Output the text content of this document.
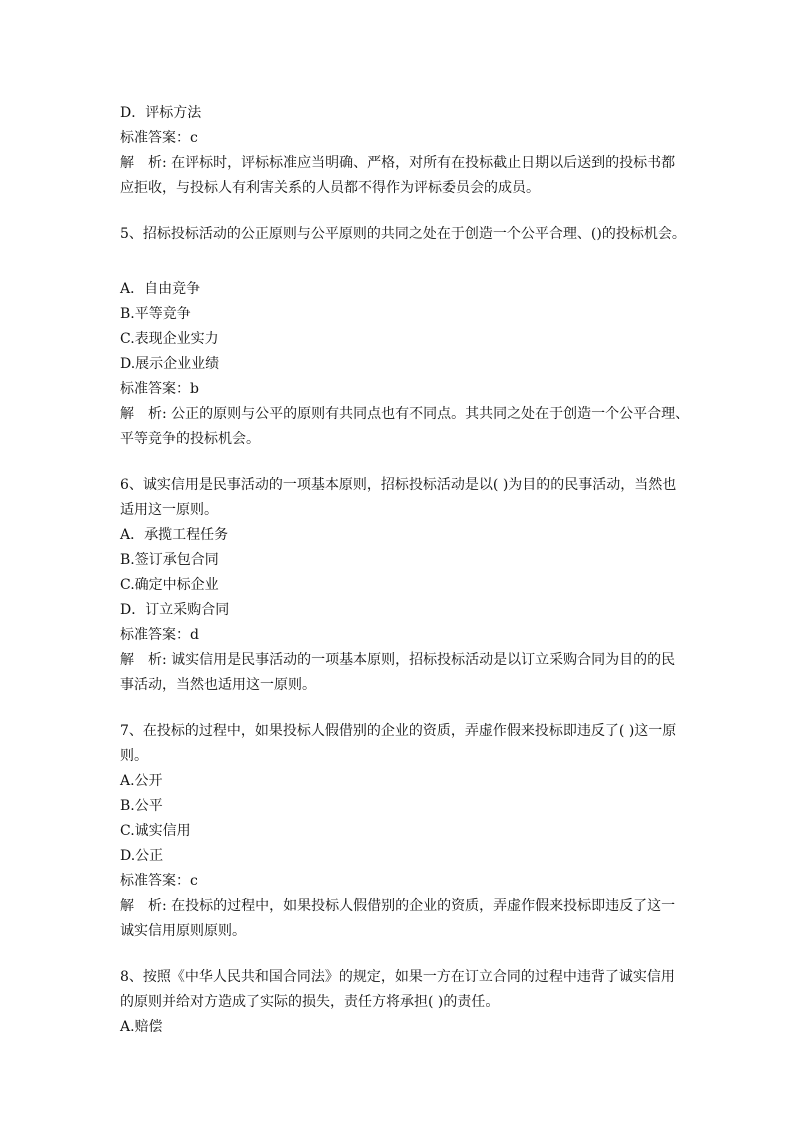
D．评标方法
标准答案：c
解　析: 在评标时，评标标准应当明确、严格，对所有在投标截止日期以后送到的投标书都
应拒收，与投标人有利害关系的人员都不得作为评标委员会的成员。
5、招标投标活动的公正原则与公平原则的共同之处在于创造一个公平合理、()的投标机会。
A．自由竞争
B.平等竞争
C.表现企业实力
D.展示企业业绩
标准答案：b
解　析: 公正的原则与公平的原则有共同点也有不同点。其共同之处在于创造一个公平合理、
平等竞争的投标机会。
6、诚实信用是民事活动的一项基本原则，招标投标活动是以( )为目的的民事活动，当然也
适用这一原则。
A．承揽工程任务
B.签订承包合同
C.确定中标企业
D．订立采购合同
标准答案：d
解　析: 诚实信用是民事活动的一项基本原则，招标投标活动是以订立采购合同为目的的民
事活动，当然也适用这一原则。
7、在投标的过程中，如果投标人假借别的企业的资质，弄虚作假来投标即违反了( )这一原
则。
A.公开
B.公平
C.诚实信用
D.公正
标准答案：c
解　析: 在投标的过程中，如果投标人假借别的企业的资质，弄虚作假来投标即违反了这一
诚实信用原则原则。
8、按照《中华人民共和国合同法》的规定，如果一方在订立合同的过程中违背了诚实信用
的原则并给对方造成了实际的损失，责任方将承担( )的责任。
A.赔偿
